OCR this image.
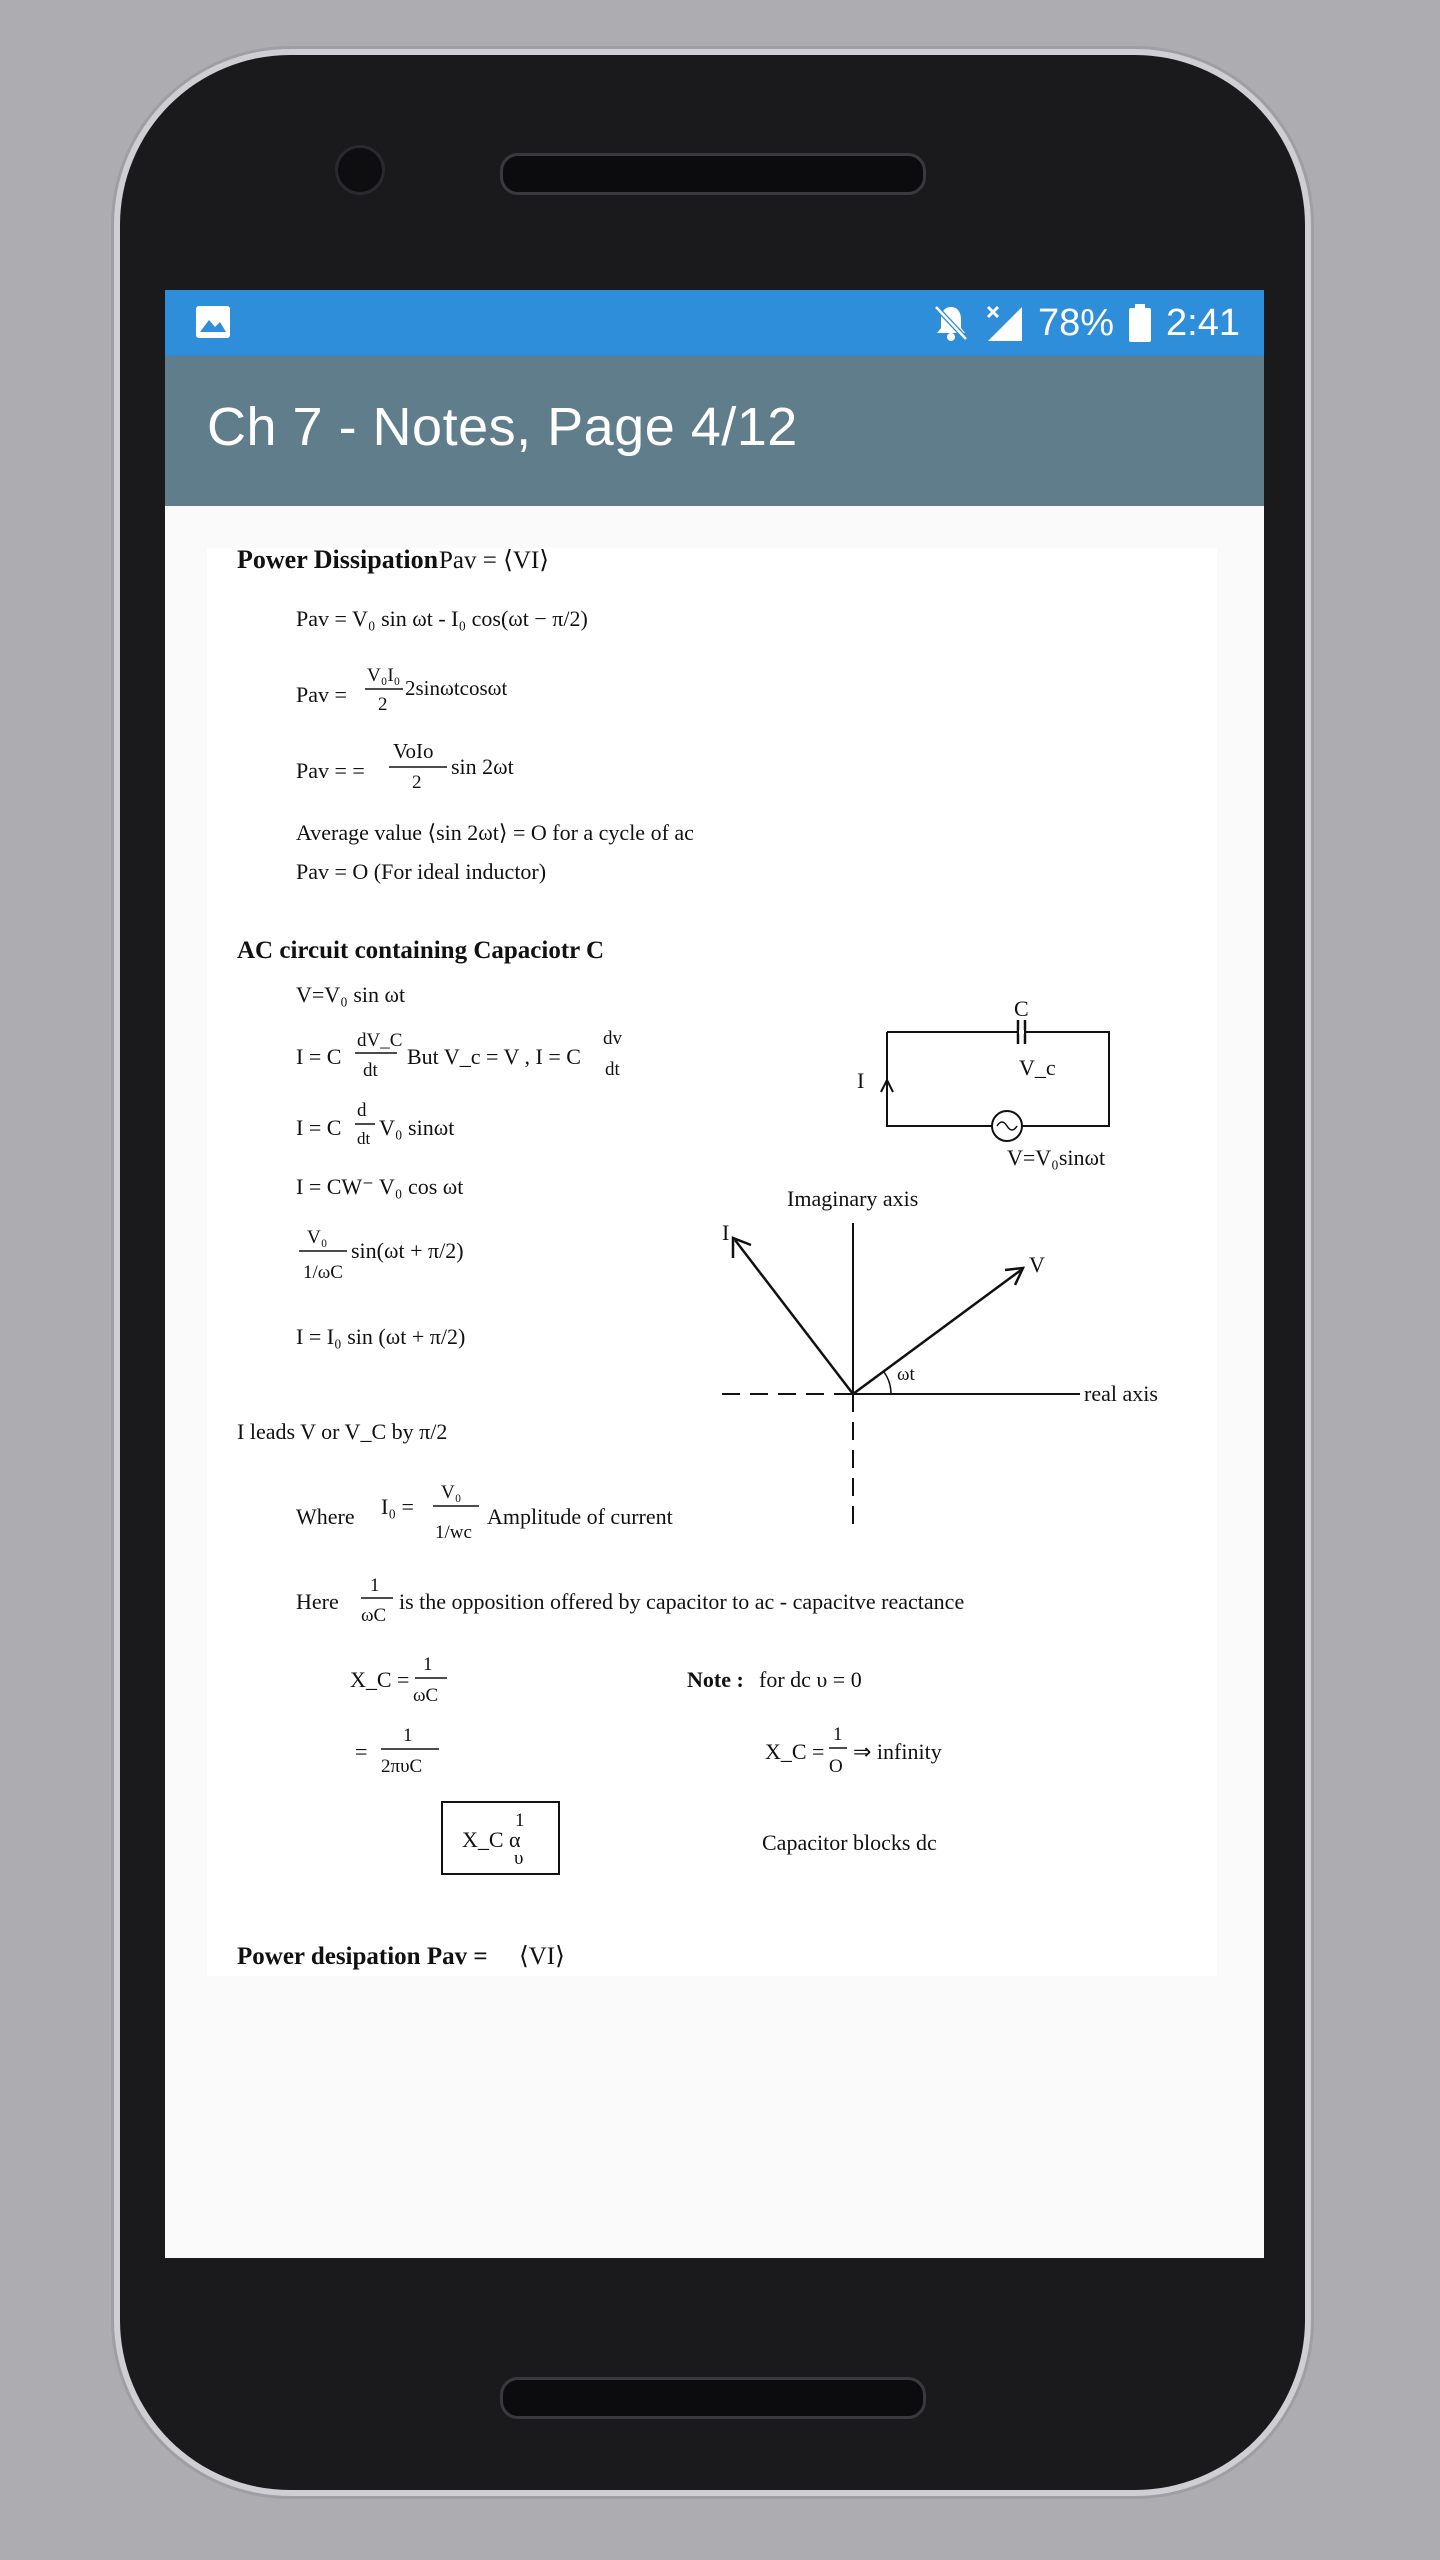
78% 2:41
Ch 7 - Notes, Page 4/12
Power Dissipation Pav = ⟨VI⟩
Pav = V₀ sin ωt - I₀ cos(ωt − π/2)
Pav =
V₀I₀
2
2sinωtcosωt
Pav = =
VoIo
2
sin 2ωt
Average value ⟨sin 2ωt⟩ = O for a cycle of ac
Pav = O (For ideal inductor)
AC circuit containing Capaciotr C
V=V₀ sin ωt
I = C
dV_C
dt
But V_c = V , I = C
dv
dt
I = C
d
dt V₀ sinωt
I = CW⁻ V₀ cos ωt
V₀
1/ωC
sin(ωt + π/2)
I = I₀ sin (ωt + π/2)
I leads V or V_C by π/2
Where I₀ =
V₀
1/wc
Amplitude of current
Here
1
ωC
is the opposition offered by capacitor to ac - capacitve reactance
X_C =
1
ωC
=
1
2πυC
X_C α
1
υ
Note : for dc υ = 0
X_C =
1
O
⇒ infinity
Capacitor blocks dc
Power desipation Pav = ⟨VI⟩
C
V_c
I
V=V₀sinωt
Imaginary axis
real axis
V
I
ωt
